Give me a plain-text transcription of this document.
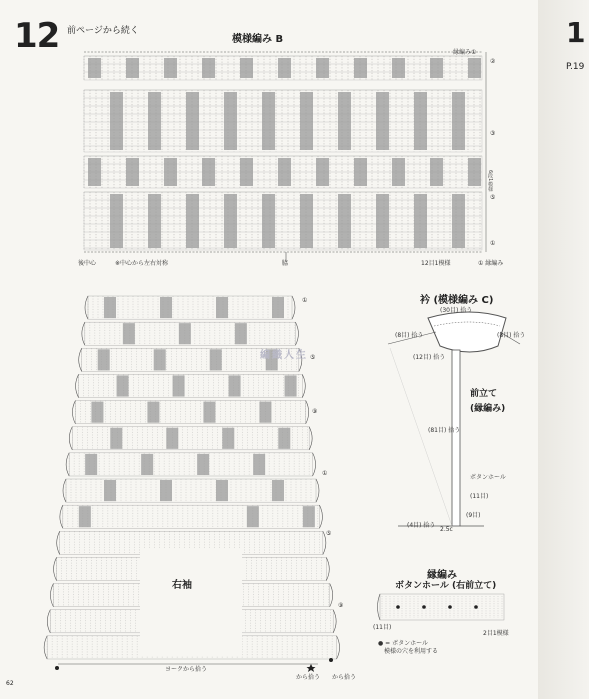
12 前ページから続く
模様編み B
縁編み①
②
③
⑤
①
6段1模様
後中心	※中心から左右対称	脇	12目1模様	① 縁編み
①
⑤
⑨
①
⑤
⑨
右袖
ヨークから拾う
から拾う から拾う
衿 (模様編み C)
(30目) 拾う
(8目) 拾う
(12目) 拾う
(8目) 拾う
前立て (縁編み)
(81目) 拾う
ボタンホール
(11目)
(9目)
2.5c
(4目) 拾う
縁編み
ボタンホール (右前立て)
(11目)
2目1模様
● = ボタンホール
模様の穴を利用する
編織人生
62
1
P.19
